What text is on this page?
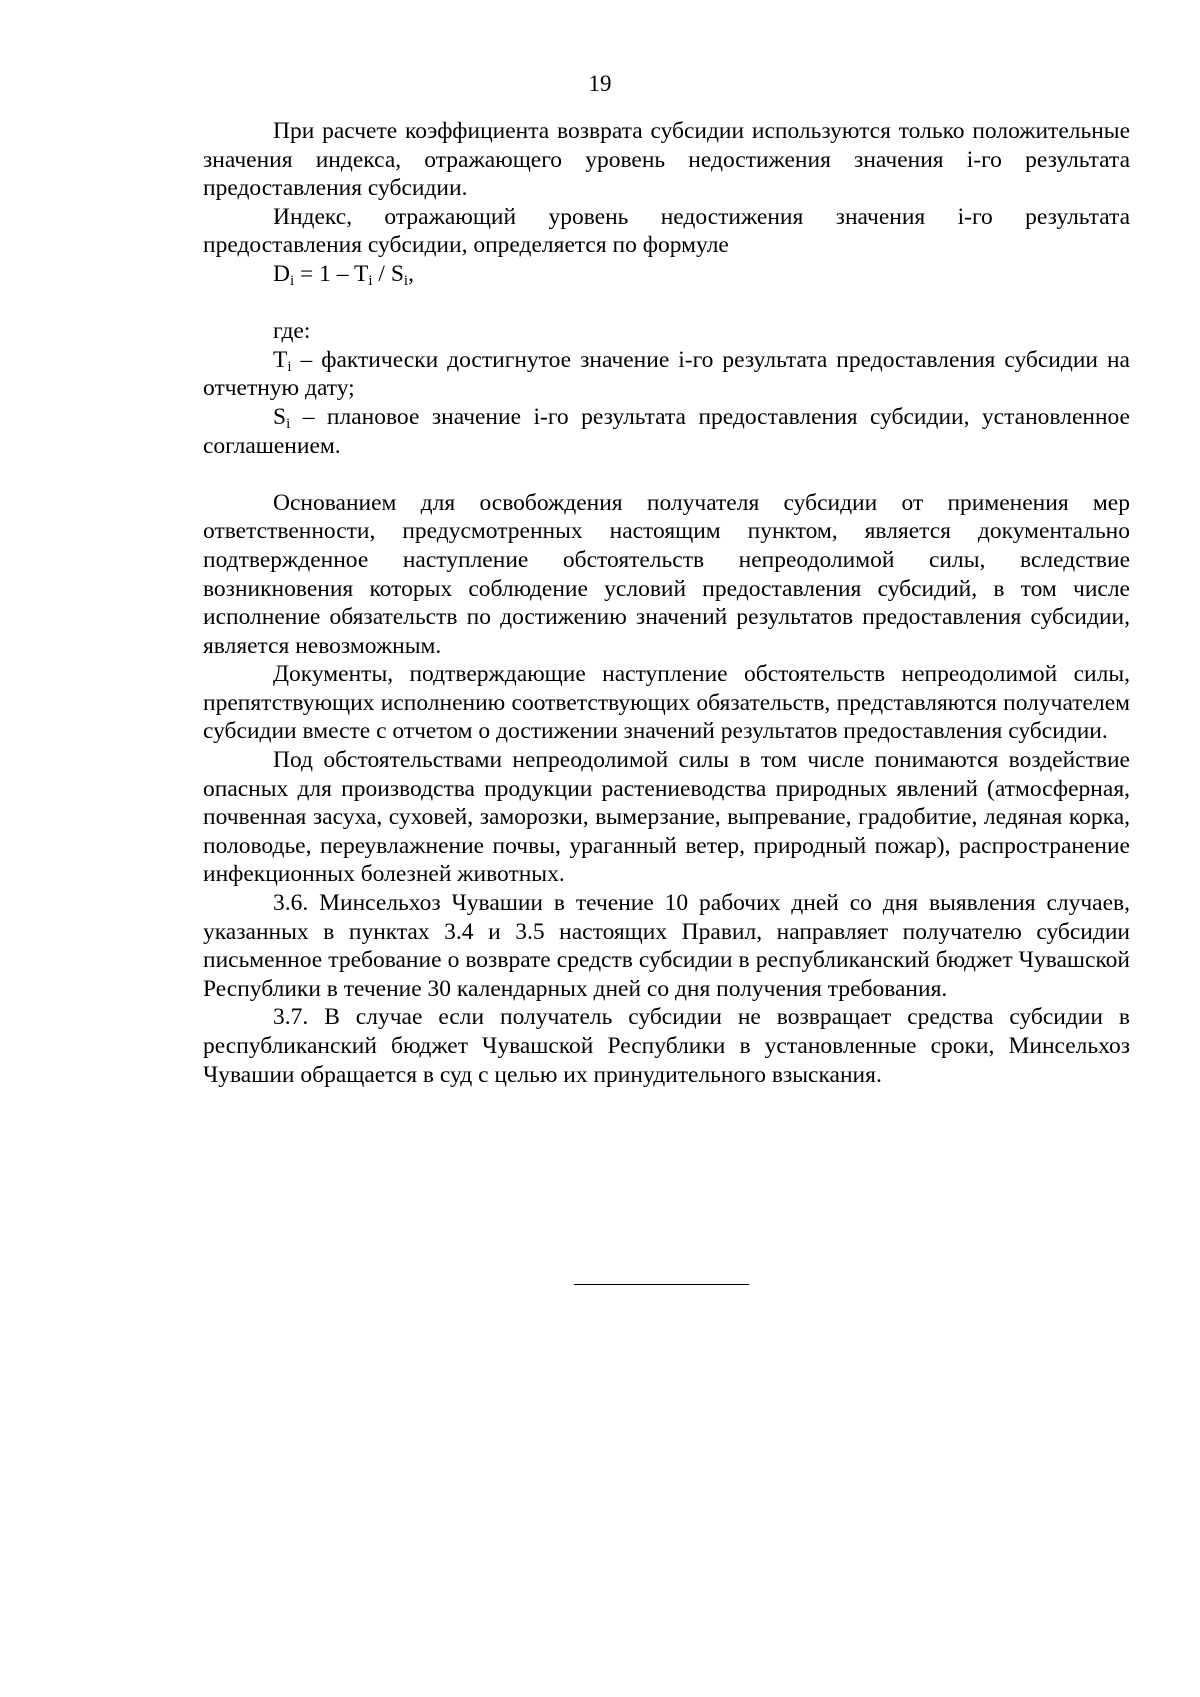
19

При расчете коэффициента возврата субсидии используются только положительные значения индекса, отражающего уровень недостижения значения i-го результата предоставления субсидии.

Индекс, отражающий уровень недостижения значения i-го результата предоставления субсидии, определяется по формуле

$D_i = 1 - T_i / S_i$,

где:

$T_i$ – фактически достигнутое значение i-го результата предоставления субсидии на отчетную дату;

$S_i$ – плановое значение i-го результата предоставления субсидии, установленное соглашением.

Основанием для освобождения получателя субсидии от применения мер ответственности, предусмотренных настоящим пунктом, является документально подтвержденное наступление обстоятельств непреодолимой силы, вследствие возникновения которых соблюдение условий предоставления субсидий, в том числе исполнение обязательств по достижению значений результатов предоставления субсидии, является невозможным.

Документы, подтверждающие наступление обстоятельств непреодолимой силы, препятствующих исполнению соответствующих обязательств, представляются получателем субсидии вместе с отчетом о достижении значений результатов предоставления субсидии.

Под обстоятельствами непреодолимой силы в том числе понимаются воздействие опасных для производства продукции растениеводства природных явлений (атмосферная, почвенная засуха, суховей, заморозки, вымерзание, выпревание, градобитие, ледяная корка, половодье, переувлажнение почвы, ураганный ветер, природный пожар), распространение инфекционных болезней животных.

3.6. Минсельхоз Чувашии в течение 10 рабочих дней со дня выявления случаев, указанных в пунктах 3.4 и 3.5 настоящих Правил, направляет получателю субсидии письменное требование о возврате средств субсидии в республиканский бюджет Чувашской Республики в течение 30 календарных дней со дня получения требования.

3.7. В случае если получатель субсидии не возвращает средства субсидии в республиканский бюджет Чувашской Республики в установленные сроки, Минсельхоз Чувашии обращается в суд с целью их принудительного взыскания.
